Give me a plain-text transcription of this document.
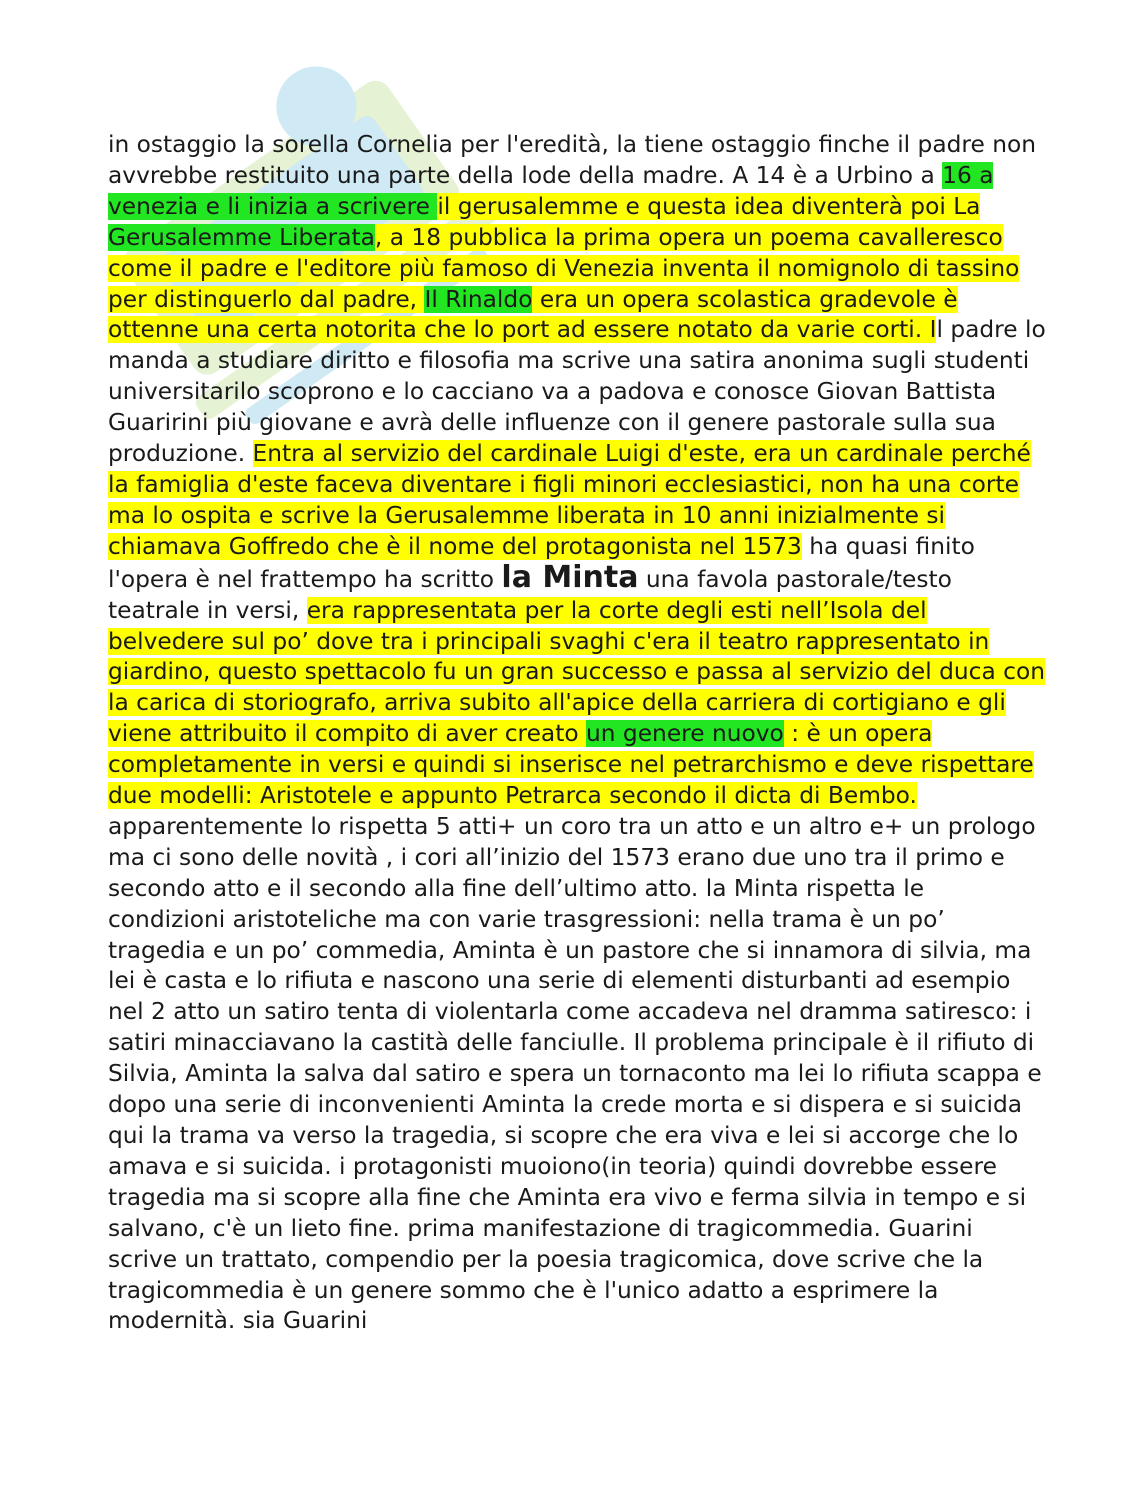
in ostaggio la sorella Cornelia per l'eredità, la tiene ostaggio finche il padre non avvrebbe restituito una parte della lode della madre. A 14 è a Urbino a 16 a venezia e li inizia a scrivere il gerusalemme e questa idea diventerà poi La Gerusalemme Liberata, a 18 pubblica la prima opera un poema cavalleresco come il padre e l'editore più famoso di Venezia inventa il nomignolo di tassino per distinguerlo dal padre, Il Rinaldo era un opera scolastica gradevole è ottenne una certa notorita che lo port ad essere notato da varie corti. Il padre lo manda a studiare diritto e filosofia ma scrive una satira anonima sugli studenti universitarilo scoprono e lo cacciano va a padova e conosce Giovan Battista Guaririni più giovane e avrà delle influenze con il genere pastorale sulla sua produzione. Entra al servizio del cardinale Luigi d'este, era un cardinale perché la famiglia d'este faceva diventare i figli minori ecclesiastici, non ha una corte ma lo ospita e scrive la Gerusalemme liberata in 10 anni inizialmente si chiamava Goffredo che è il nome del protagonista nel 1573 ha quasi finito l'opera è nel frattempo ha scritto la Minta una favola pastorale/testo teatrale in versi, era rappresentata per la corte degli esti nell’Isola del belvedere sul po’ dove tra i principali svaghi c'era il teatro rappresentato in giardino, questo spettacolo fu un gran successo e passa al servizio del duca con la carica di storiografo, arriva subito all'apice della carriera di cortigiano e gli viene attribuito il compito di aver creato un genere nuovo : è un opera completamente in versi e quindi si inserisce nel petrarchismo e deve rispettare due modelli: Aristotele e appunto Petrarca secondo il dicta di Bembo. apparentemente lo rispetta 5 atti+ un coro tra un atto e un altro e+ un prologo ma ci sono delle novità , i cori all’inizio del 1573 erano due uno tra il primo e secondo atto e il secondo alla fine dell’ultimo atto. la Minta rispetta le condizioni aristoteliche ma con varie trasgressioni: nella trama è un po’ tragedia e un po’ commedia, Aminta è un pastore che si innamora di silvia, ma lei è casta e lo rifiuta e nascono una serie di elementi disturbanti ad esempio nel 2 atto un satiro tenta di violentarla come accadeva nel dramma satiresco: i satiri minacciavano la castità delle fanciulle. Il problema principale è il rifiuto di Silvia, Aminta la salva dal satiro e spera un tornaconto ma lei lo rifiuta scappa e dopo una serie di inconvenienti Aminta la crede morta e si dispera e si suicida qui la trama va verso la tragedia, si scopre che era viva e lei si accorge che lo amava e si suicida. i protagonisti muoiono(in teoria) quindi dovrebbe essere tragedia ma si scopre alla fine che Aminta era vivo e ferma silvia in tempo e si salvano, c'è un lieto fine. prima manifestazione di tragicommedia. Guarini scrive un trattato, compendio per la poesia tragicomica, dove scrive che la tragicommedia è un genere sommo che è l'unico adatto a esprimere la modernità. sia Guarini
